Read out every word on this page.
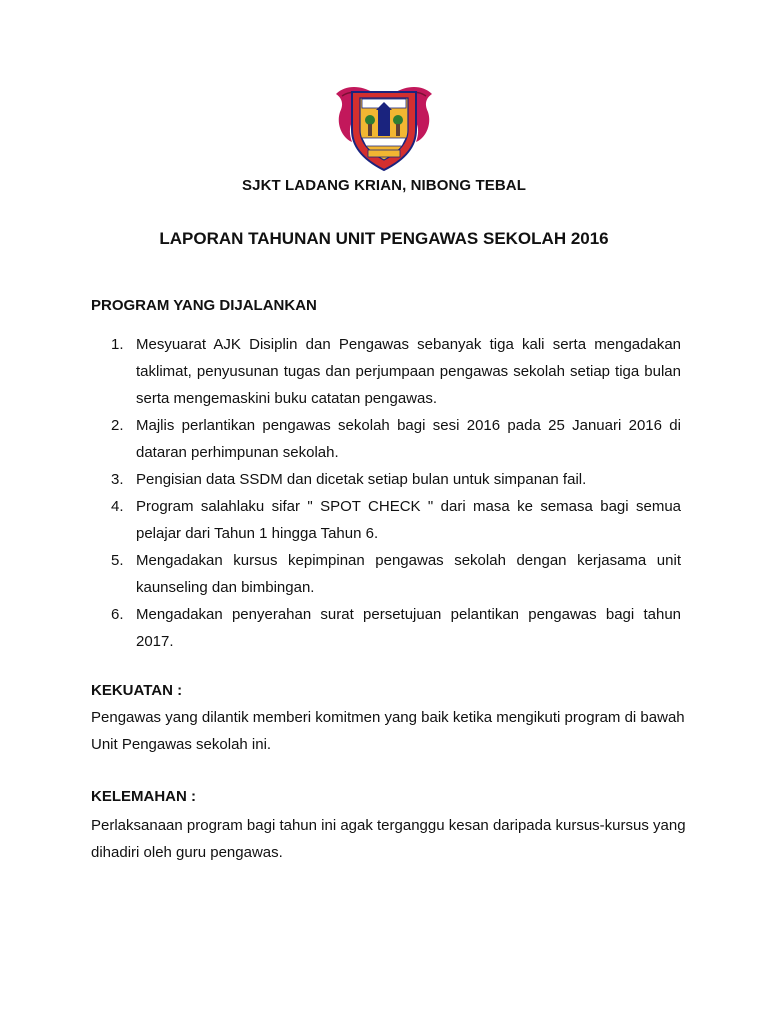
SJKT LADANG KRIAN, NIBONG TEBAL
LAPORAN TAHUNAN UNIT PENGAWAS SEKOLAH 2016
PROGRAM YANG DIJALANKAN
1. Mesyuarat AJK Disiplin dan Pengawas sebanyak tiga kali serta mengadakan taklimat, penyusunan tugas dan perjumpaan pengawas sekolah setiap tiga bulan serta mengemaskini buku catatan pengawas.
2. Majlis perlantikan pengawas sekolah bagi sesi 2016 pada 25 Januari 2016 di dataran perhimpunan sekolah.
3. Pengisian data SSDM dan dicetak setiap bulan untuk simpanan fail.
4. Program salahlaku sifar " SPOT CHECK " dari masa ke semasa bagi semua pelajar dari Tahun 1 hingga Tahun 6.
5. Mengadakan kursus kepimpinan pengawas sekolah dengan kerjasama unit kaunseling dan bimbingan.
6. Mengadakan penyerahan surat persetujuan pelantikan pengawas bagi tahun 2017.
KEKUATAN :
Pengawas yang dilantik memberi komitmen yang baik ketika mengikuti program di bawah Unit Pengawas sekolah ini.
KELEMAHAN :
Perlaksanaan program bagi tahun ini agak terganggu kesan daripada kursus-kursus yang dihadiri oleh guru pengawas.
